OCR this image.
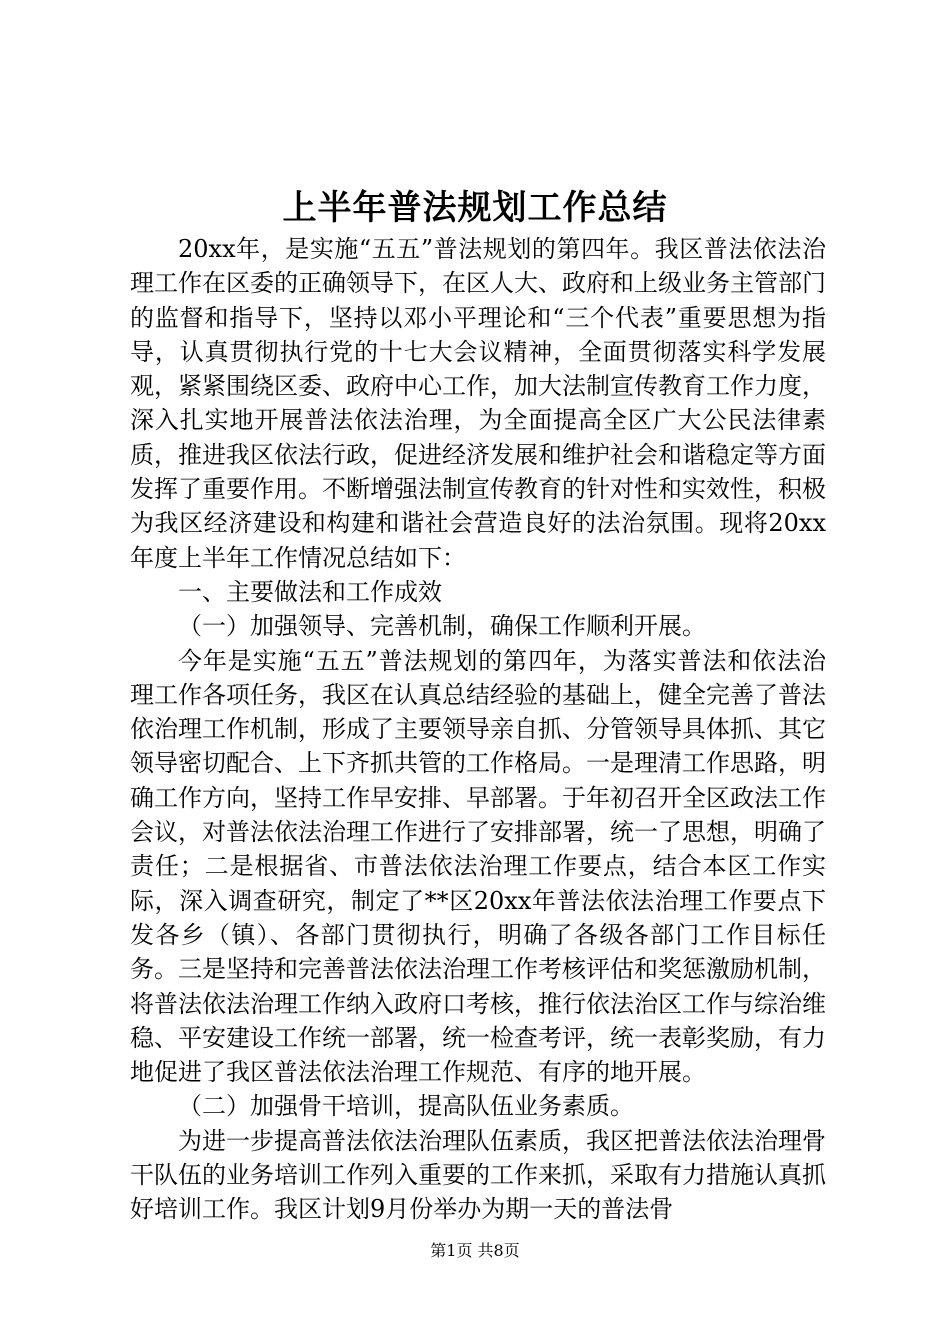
上半年普法规划工作总结

20xx年，是实施“五五”普法规划的第四年。我区普法依法治理工作在区委的正确领导下，在区人大、政府和上级业务主管部门的监督和指导下，坚持以邓小平理论和“三个代表”重要思想为指导，认真贯彻执行党的十七大会议精神，全面贯彻落实科学发展观，紧紧围绕区委、政府中心工作，加大法制宣传教育工作力度，深入扎实地开展普法依法治理，为全面提高全区广大公民法律素质，推进我区依法行政，促进经济发展和维护社会和谐稳定等方面发挥了重要作用。不断增强法制宣传教育的针对性和实效性，积极为我区经济建设和构建和谐社会营造良好的法治氛围。现将20xx年度上半年工作情况总结如下：

一、主要做法和工作成效

（一）加强领导、完善机制，确保工作顺利开展。

今年是实施“五五”普法规划的第四年，为落实普法和依法治理工作各项任务，我区在认真总结经验的基础上，健全完善了普法依治理工作机制，形成了主要领导亲自抓、分管领导具体抓、其它领导密切配合、上下齐抓共管的工作格局。一是理清工作思路，明确工作方向，坚持工作早安排、早部署。于年初召开全区政法工作会议，对普法依法治理工作进行了安排部署，统一了思想，明确了责任；二是根据省、市普法依法治理工作要点，结合本区工作实际，深入调查研究，制定了**区20xx年普法依法治理工作要点下发各乡（镇）、各部门贯彻执行，明确了各级各部门工作目标任务。三是坚持和完善普法依法治理工作考核评估和奖惩激励机制，将普法依法治理工作纳入政府口考核，推行依法治区工作与综治维稳、平安建设工作统一部署，统一检查考评，统一表彰奖励，有力地促进了我区普法依法治理工作规范、有序的地开展。

（二）加强骨干培训，提高队伍业务素质。

为进一步提高普法依法治理队伍素质，我区把普法依法治理骨干队伍的业务培训工作列入重要的工作来抓，采取有力措施认真抓好培训工作。我区计划9月份举办为期一天的普法骨

第1页 共8页
